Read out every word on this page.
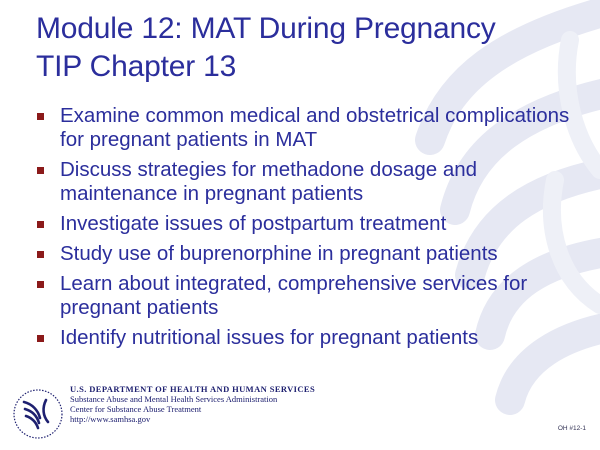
Module 12: MAT During Pregnancy
TIP Chapter 13
Examine common medical and obstetrical complications for pregnant patients in MAT
Discuss strategies for methadone dosage and maintenance in pregnant patients
Investigate issues of postpartum treatment
Study use of buprenorphine in pregnant patients
Learn about integrated, comprehensive services for pregnant patients
Identify nutritional issues for pregnant patients
U.S. DEPARTMENT OF HEALTH AND HUMAN SERVICES
Substance Abuse and Mental Health Services Administration
Center for Substance Abuse Treatment
http://www.samhsa.gov
OH #12-1
